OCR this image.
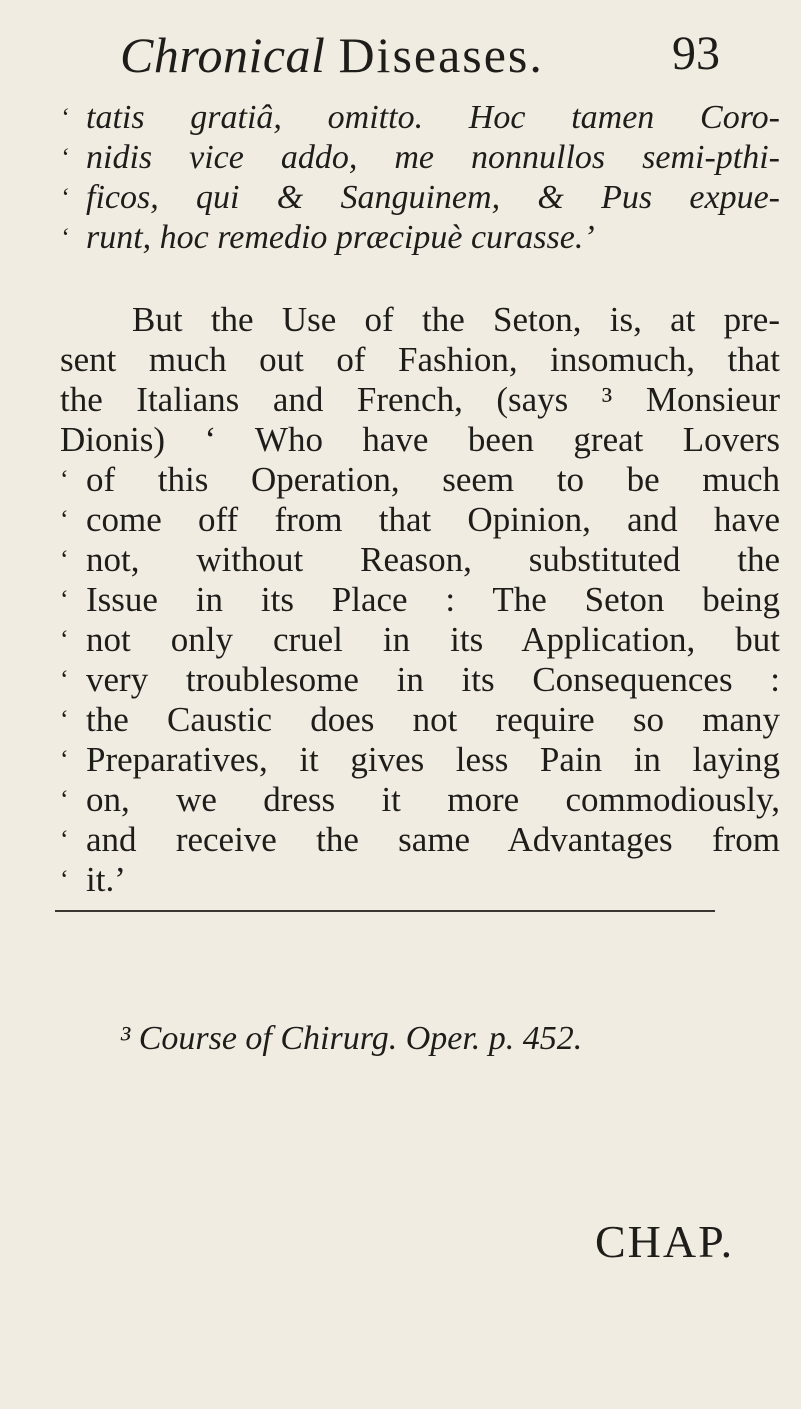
Chronical Diseases.	93
‘ tatis gratiâ, omitto. Hoc tamen Coro-
‘ nidis vice addo, me nonnullos semi-pthi-
‘ ficos, qui & Sanguinem, & Pus expue-
‘ runt, hoc remedio præcipuè curasse.’
But the Use of the Seton, is, at pre-
sent much out of Fashion, insomuch, that
the Italians and French, (says ³ Monsieur
Dionis) ‘ Who have been great Lovers
‘ of this Operation, seem to be much
‘ come off from that Opinion, and have
‘ not, without Reason, substituted the
‘ Issue in its Place : The Seton being
‘ not only cruel in its Application, but
‘ very troublesome in its Consequences :
‘ the Caustic does not require so many
‘ Preparatives, it gives less Pain in laying
‘ on, we dress it more commodiously,
‘ and receive the same Advantages from
‘ it.’
³ Course of Chirurg. Oper. p. 452.
CHAP.
